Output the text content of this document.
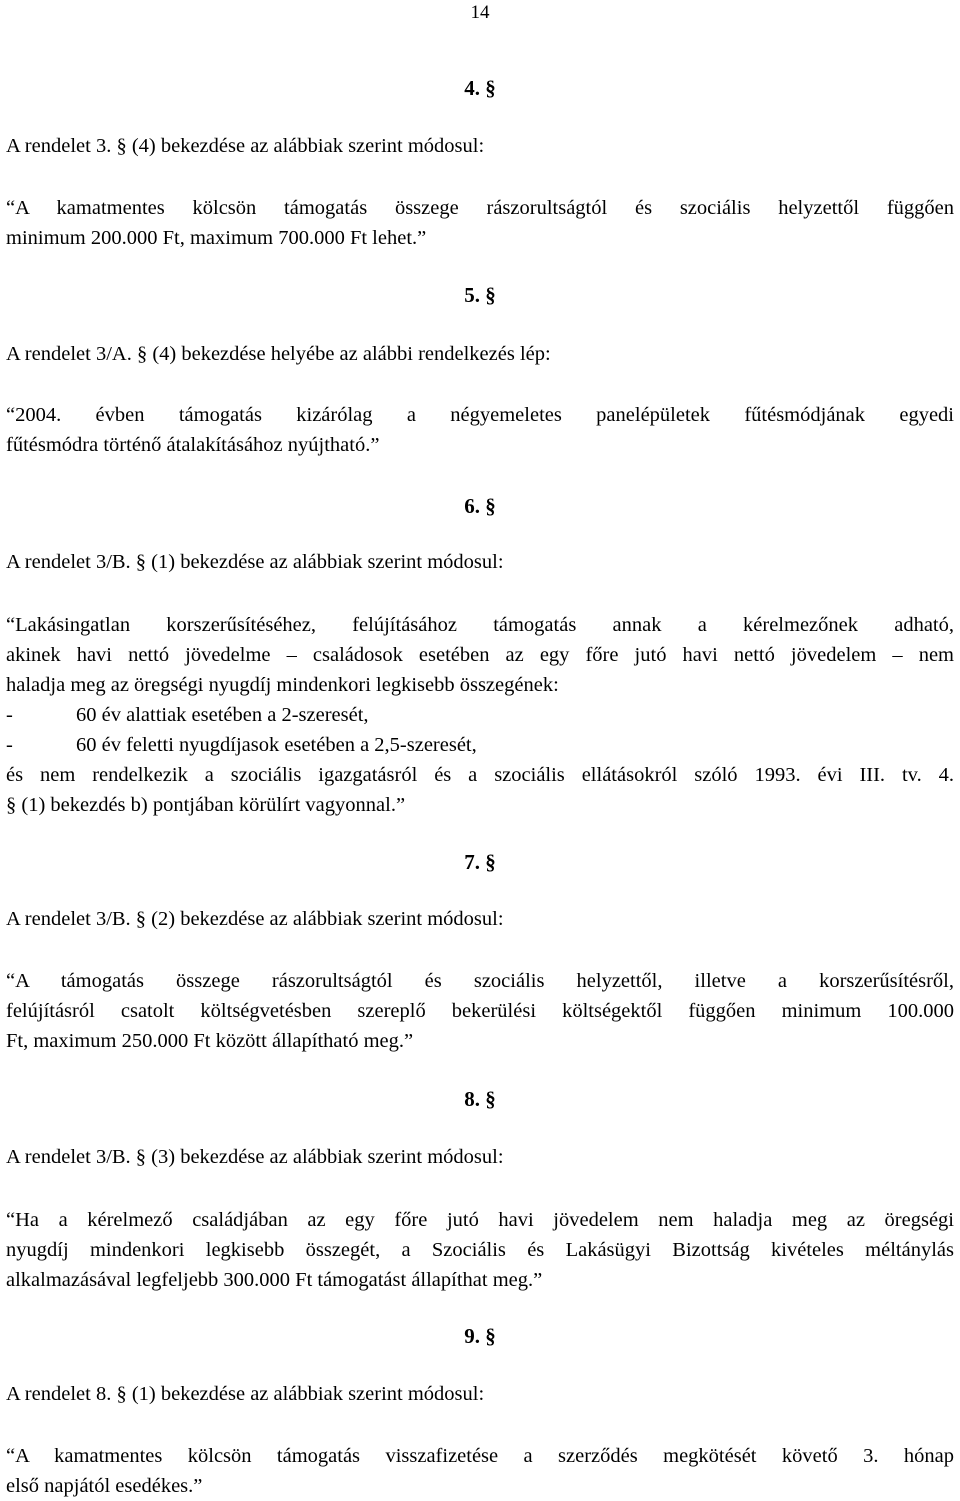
14
4. §
A rendelet 3. § (4) bekezdése az alábbiak szerint módosul:
“A kamatmentes kölcsön támogatás összege rászorultságtól és szociális helyzettől függően
minimum 200.000 Ft, maximum 700.000 Ft lehet.”
5. §
A rendelet 3/A. § (4) bekezdése helyébe az alábbi rendelkezés lép:
“2004. évben támogatás kizárólag a négyemeletes panelépületek fűtésmódjának egyedi
fűtésmódra történő átalakításához nyújtható.”
6. §
A rendelet 3/B. § (1) bekezdése az alábbiak szerint módosul:
“Lakásingatlan korszerűsítéséhez, felújításához támogatás annak a kérelmezőnek adható,
akinek havi nettó jövedelme – családosok esetében az egy főre jutó havi nettó jövedelem – nem
haladja meg az öregségi nyugdíj mindenkori legkisebb összegének:
-	60 év alattiak esetében a 2-szeresét,
-	60 év feletti nyugdíjasok esetében a 2,5-szeresét,
és nem rendelkezik a szociális igazgatásról és a szociális ellátásokról szóló 1993. évi III. tv. 4.
§ (1) bekezdés b) pontjában körülírt vagyonnal.”
7. §
A rendelet 3/B. § (2) bekezdése az alábbiak szerint módosul:
“A támogatás összege rászorultságtól és szociális helyzettől, illetve a korszerűsítésről,
felújításról csatolt költségvetésben szereplő bekerülési költségektől függően minimum 100.000
Ft, maximum 250.000 Ft között állapítható meg.”
8. §
A rendelet 3/B. § (3) bekezdése az alábbiak szerint módosul:
“Ha a kérelmező családjában az egy főre jutó havi jövedelem nem haladja meg az öregségi
nyugdíj mindenkori legkisebb összegét, a Szociális és Lakásügyi Bizottság kivételes méltánylás
alkalmazásával legfeljebb 300.000 Ft támogatást állapíthat meg.”
9. §
A rendelet 8. § (1) bekezdése az alábbiak szerint módosul:
“A kamatmentes kölcsön támogatás visszafizetése a szerződés megkötését követő 3. hónap
első napjától esedékes.”
